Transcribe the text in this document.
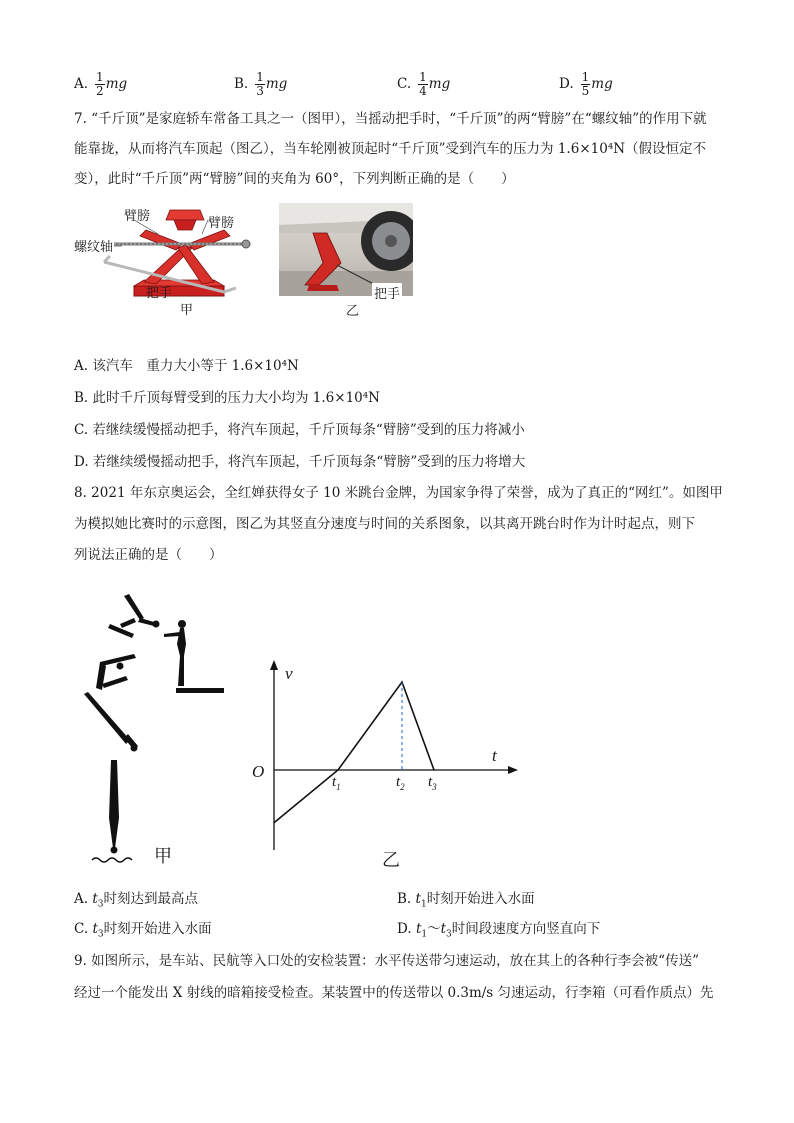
A. $\frac{1}{2}$ mg	B. $\frac{1}{3}$ mg	C. $\frac{1}{4}$ mg	D. $\frac{1}{5}$ mg
7. “千斤顶”是家庭轿车常备工具之一（图甲），当摇动把手时，“千斤顶”的两“臂膀”在“螺纹轴”的作用下就
能靠拢，从而将汽车顶起（图乙），当车轮刚被顶起时“千斤顶”受到汽车的压力为 1.6×10⁴N（假设恒定不
变），此时“千斤顶”两“臂膀”间的夹角为 60°，下列判断正确的是（　　）
臂膀	臂膀
螺纹轴
把手
甲
把手
乙
A. 该汽车　重力大小等于 1.6×10⁴N
B. 此时千斤顶每臂受到的压力大小均为 1.6×10⁴N
C. 若继续缓慢摇动把手，将汽车顶起，千斤顶每条“臂膀”受到的压力将减小
D. 若继续缓慢摇动把手，将汽车顶起，千斤顶每条“臂膀”受到的压力将增大
8. 2021 年东京奥运会，全红婵获得女子 10 米跳台金牌，为国家争得了荣誉，成为了真正的“网红”。如图甲
为模拟她比赛时的示意图，图乙为其竖直分速度与时间的关系图象，以其离开跳台时作为计时起点，则下
列说法正确的是（　　）
甲
v
t
O
$t_1$	$t_2$ $t_3$
乙
A. $t_3$时刻达到最高点	B. $t_1$时刻开始进入水面
C. $t_3$时刻开始进入水面	D. $t_1\sim t_3$时间段速度方向竖直向下
9. 如图所示，是车站、民航等入口处的安检装置：水平传送带匀速运动，放在其上的各种行李会被“传送”
经过一个能发出 X 射线的暗箱接受检查。某装置中的传送带以 0.3m/s 匀速运动，行李箱（可看作质点）先
